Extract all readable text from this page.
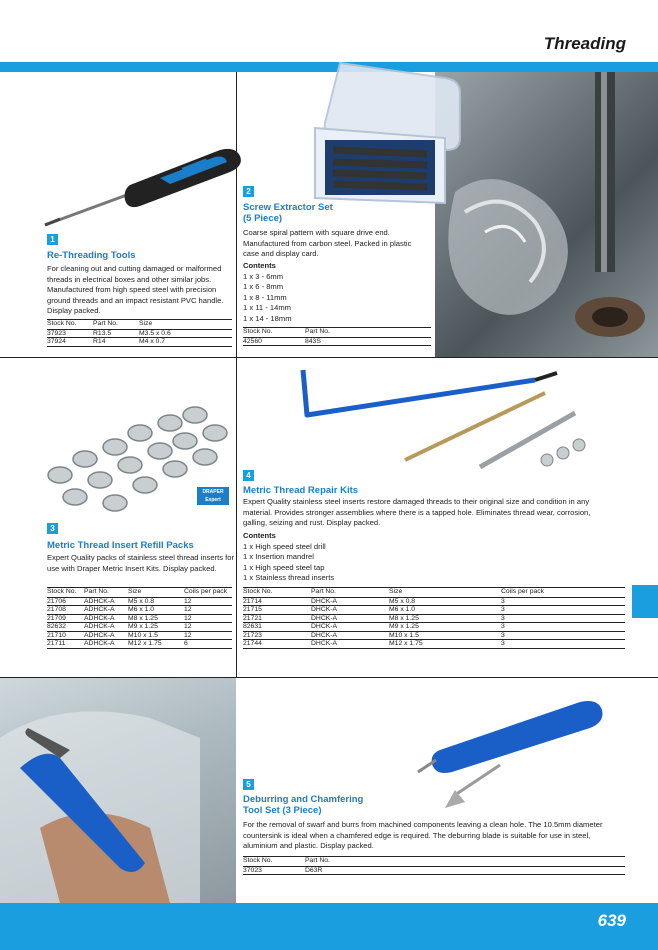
Threading
DRAPER
Expert
1
Re-Threading Tools
For cleaning out and cutting damaged or malformed threads in electrical boxes and other similar jobs. Manufactured from high speed steel with precision ground threads and an impact resistant PVC handle. Display packed.
Stock No.	Part No.	Size
37923	R13.5	M3.5 x 0.6
37924	R14	M4 x 0.7
2
Screw Extractor Set (5 Piece)
Coarse spiral pattern with square drive end. Manufactured from carbon steel. Packed in plastic case and display card.
Contents
1 x 3 - 6mm
1 x 6 - 8mm
1 x 8 - 11mm
1 x 11 - 14mm
1 x 14 - 18mm
Stock No.	Part No.
42560	843S
3
Metric Thread Insert Refill Packs
Expert Quality packs of stainless steel thread inserts for use with Draper Metric Insert Kits. Display packed.
Stock No.	Part No.	Size	Coils per pack
21706	ADHCK-A	M5 x 0.8	12
21708	ADHCK-A	M6 x 1.0	12
21709	ADHCK-A	M8 x 1.25	12
82632	ADHCK-A	M9 x 1.25	12
21710	ADHCK-A	M10 x 1.5	12
21711	ADHCK-A	M12 x 1.75	6
4
Metric Thread Repair Kits
Expert Quality stainless steel inserts restore damaged threads to their original size and condition in any material. Provides stronger assemblies where there is a tapped hole. Eliminates thread wear, corrosion, galling, seizing and rust. Display packed.
Contents
1 x High speed steel drill
1 x Insertion mandrel
1 x High speed steel tap
1 x Stainless thread inserts
Stock No.	Part No.	Size	Coils per pack
21714	DHCK-A	M5 x 0.8	3
21715	DHCK-A	M6 x 1.0	3
21721	DHCK-A	M8 x 1.25	3
82631	DHCK-A	M9 x 1.25	3
21723	DHCK-A	M10 x 1.5	3
21744	DHCK-A	M12 x 1.75	3
5
Deburring and Chamfering Tool Set (3 Piece)
For the removal of swarf and burrs from machined components leaving a clean hole. The 10.5mm diameter countersink is ideal when a chamfered edge is required. The deburring blade is suitable for use in steel, aluminium and plastic. Display packed.
Stock No.	Part No.
37023	D63R
639
